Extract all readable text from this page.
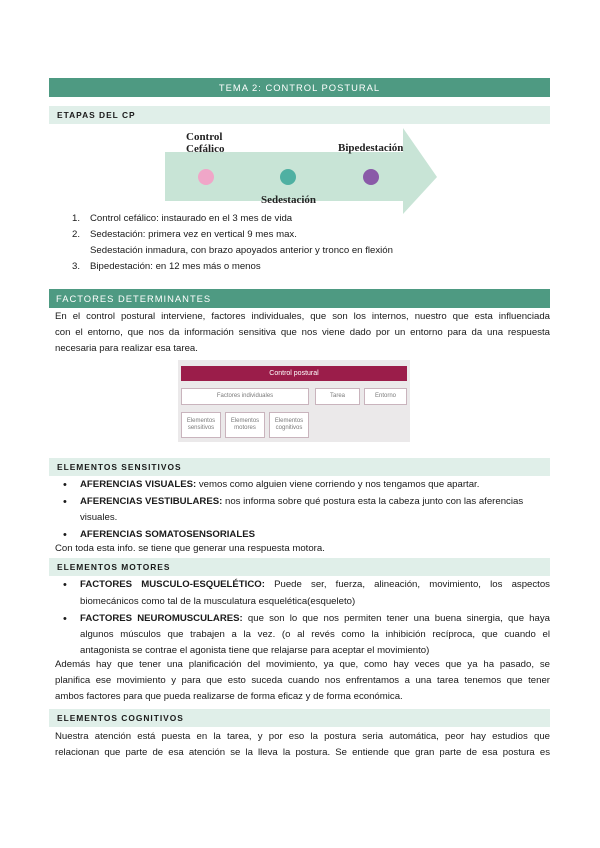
TEMA 2: CONTROL POSTURAL
ETAPAS DEL CP
Control
Cefálico	Bipedestación
Sedestación
1. Control cefálico: instaurado en el 3 mes de vida
2. Sedestación: primera vez en vertical 9 mes max.
Sedestación inmadura, con brazo apoyados anterior y tronco en flexión
3. Bipedestación: en 12 mes más o menos
FACTORES DETERMINANTES
En el control postural interviene, factores individuales, que son los internos, nuestro que esta influenciada
con el entorno, que nos da información sensitiva que nos viene dado por un entorno para da una respuesta
necesaria para realizar esa tarea.
Control postural
Factores individuales	Tarea	Entorno
Elementos
sensitivos
Elementos
motores
Elementos
cognitivos
ELEMENTOS SENSITIVOS
• AFERENCIAS VISUALES: vemos como alguien viene corriendo y nos tengamos que apartar.
• AFERENCIAS VESTIBULARES: nos informa sobre qué postura esta la cabeza junto con las aferencias
visuales.
• AFERENCIAS SOMATOSENSORIALES
Con toda esta info. se tiene que generar una respuesta motora.
ELEMENTOS MOTORES
• FACTORES MUSCULO-ESQUELÉTICO: Puede ser, fuerza, alineación, movimiento, los aspectos
biomecánicos como tal de la musculatura esquelética(esqueleto)
• FACTORES NEUROMUSCULARES: que son lo que nos permiten tener una buena sinergia, que haya
algunos músculos que trabajen a la vez. (o al revés como la inhibición recíproca, que cuando el
antagonista se contrae el agonista tiene que relajarse para aceptar el movimiento)
Además hay que tener una planificación del movimiento, ya que, como hay veces que ya ha pasado, se
planifica ese movimiento y para que esto suceda cuando nos enfrentamos a una tarea tenemos que tener
ambos factores para que pueda realizarse de forma eficaz y de forma económica.
ELEMENTOS COGNITIVOS
Nuestra atención está puesta en la tarea, y por eso la postura seria automática, peor hay estudios que
relacionan que parte de esa atención se la lleva la postura. Se entiende que gran parte de esa postura es
